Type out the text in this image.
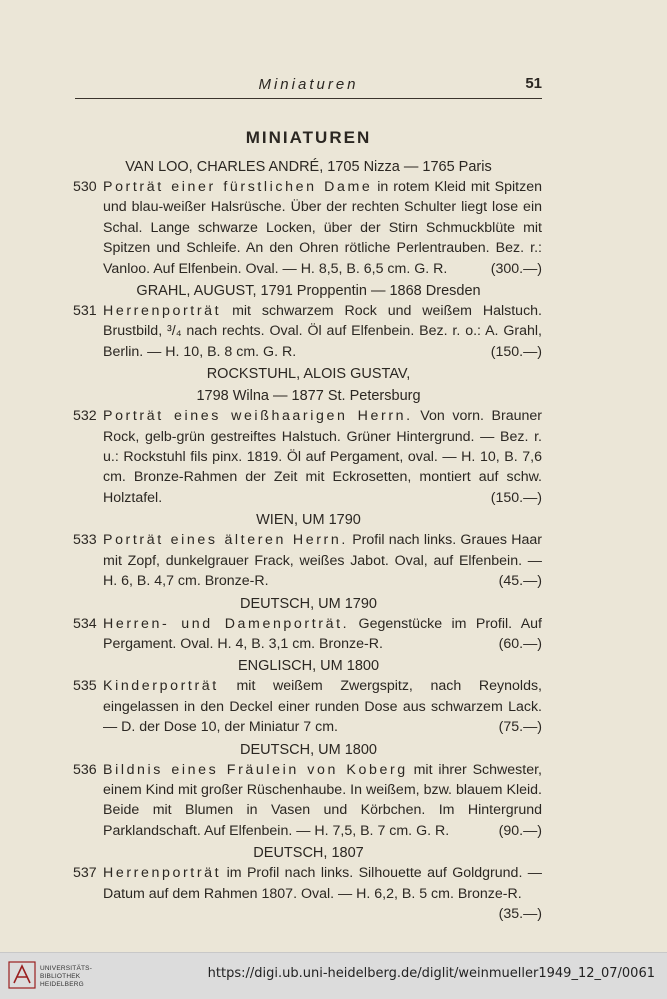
Miniaturen	51
MINIATUREN
VAN LOO, CHARLES ANDRÉ, 1705 Nizza — 1765 Paris
530 Porträt einer fürstlichen Dame in rotem Kleid mit Spitzen und blau-weißer Halsrüsche. Über der rechten Schulter liegt lose ein Schal. Lange schwarze Locken, über der Stirn Schmuckblüte mit Spitzen und Schleife. An den Ohren rötliche Perlentrauben. Bez. r.: Vanloo. Auf Elfenbein. Oval. — H. 8,5, B. 6,5 cm. G. R.	(300.—)
GRAHL, AUGUST, 1791 Proppentin — 1868 Dresden
531 Herrenporträt mit schwarzem Rock und weißem Halstuch. Brustbild, ³/₄ nach rechts. Oval. Öl auf Elfenbein. Bez. r. o.: A. Grahl, Berlin. — H. 10, B. 8 cm. G. R.	(150.—)
ROCKSTUHL, ALOIS GUSTAV,
1798 Wilna — 1877 St. Petersburg
532 Porträt eines weißhaarigen Herrn. Von vorn. Brauner Rock, gelb-grün gestreiftes Halstuch. Grüner Hintergrund. — Bez. r. u.: Rockstuhl fils pinx. 1819. Öl auf Pergament, oval. — H. 10, B. 7,6 cm. Bronze-Rahmen der Zeit mit Eckrosetten, montiert auf schw. Holztafel.	(150.—)
WIEN, UM 1790
533 Porträt eines älteren Herrn. Profil nach links. Graues Haar mit Zopf, dunkelgrauer Frack, weißes Jabot. Oval, auf Elfenbein. — H. 6, B. 4,7 cm. Bronze-R.	(45.—)
DEUTSCH, UM 1790
534 Herren- und Damenporträt. Gegenstücke im Profil. Auf Pergament. Oval. H. 4, B. 3,1 cm. Bronze-R.	(60.—)
ENGLISCH, UM 1800
535 Kinderporträt mit weißem Zwergspitz, nach Reynolds, eingelassen in den Deckel einer runden Dose aus schwarzem Lack. — D. der Dose 10, der Miniatur 7 cm.	(75.—)
DEUTSCH, UM 1800
536 Bildnis eines Fräulein von Koberg mit ihrer Schwester, einem Kind mit großer Rüschenhaube. In weißem, bzw. blauem Kleid. Beide mit Blumen in Vasen und Körbchen. Im Hintergrund Parklandschaft. Auf Elfenbein. — H. 7,5, B. 7 cm. G. R.	(90.—)
DEUTSCH, 1807
537 Herrenporträt im Profil nach links. Silhouette auf Goldgrund. — Datum auf dem Rahmen 1807. Oval. — H. 6,2, B. 5 cm. Bronze-R.
(35.—)
UNIVERSITÄTS-
BIBLIOTHEK
HEIDELBERG
https://digi.ub.uni-heidelberg.de/diglit/weinmueller1949_12_07/0061
